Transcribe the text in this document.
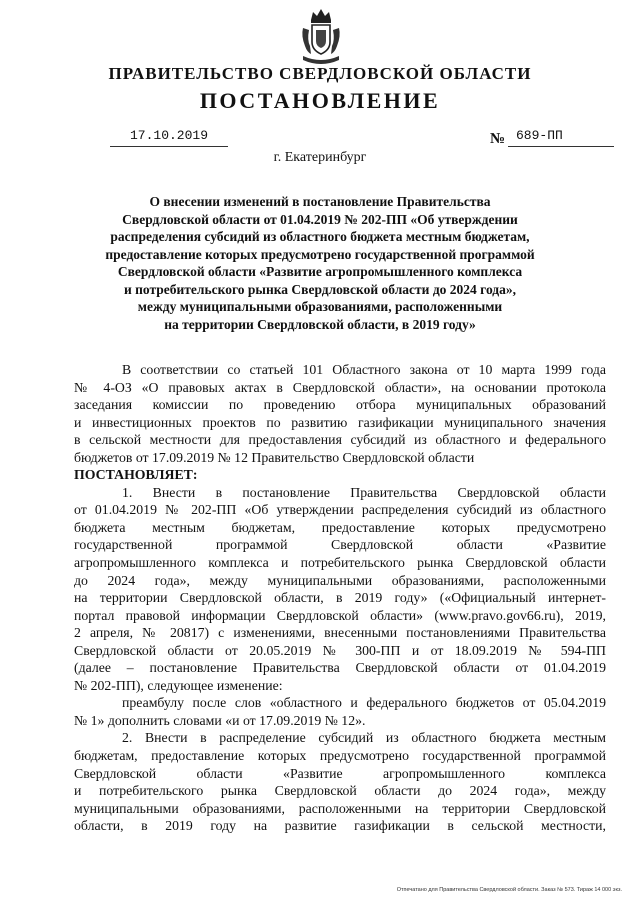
ПРАВИТЕЛЬСТВО СВЕРДЛОВСКОЙ ОБЛАСТИ
ПОСТАНОВЛЕНИЕ
17.10.2019	№ 689-ПП
г. Екатеринбург
О внесении изменений в постановление Правительства
Свердловской области от 01.04.2019 № 202-ПП «Об утверждении
распределения субсидий из областного бюджета местным бюджетам,
предоставление которых предусмотрено государственной программой
Свердловской области «Развитие агропромышленного комплекса
и потребительского рынка Свердловской области до 2024 года»,
между муниципальными образованиями, расположенными
на территории Свердловской области, в 2019 году»
В соответствии со статьей 101 Областного закона от 10 марта 1999 года
№ 4-ОЗ «О правовых актах в Свердловской области», на основании протокола
заседания комиссии по проведению отбора муниципальных образований
и инвестиционных проектов по развитию газификации муниципального значения
в сельской местности для предоставления субсидий из областного и федерального
бюджетов от 17.09.2019 № 12 Правительство Свердловской области
ПОСТАНОВЛЯЕТ:
1. Внести в постановление Правительства Свердловской области
от 01.04.2019 № 202-ПП «Об утверждении распределения субсидий из областного
бюджета местным бюджетам, предоставление которых предусмотрено
государственной программой Свердловской области «Развитие
агропромышленного комплекса и потребительского рынка Свердловской области
до 2024 года», между муниципальными образованиями, расположенными
на территории Свердловской области, в 2019 году» («Официальный интернет-
портал правовой информации Свердловской области» (www.pravo.gov66.ru), 2019,
2 апреля, № 20817) с изменениями, внесенными постановлениями Правительства
Свердловской области от 20.05.2019 № 300-ПП и от 18.09.2019 № 594-ПП
(далее – постановление Правительства Свердловской области от 01.04.2019
№ 202-ПП), следующее изменение:
преамбулу после слов «областного и федерального бюджетов от 05.04.2019
№ 1» дополнить словами «и от 17.09.2019 № 12».
2. Внести в распределение субсидий из областного бюджета местным
бюджетам, предоставление которых предусмотрено государственной программой
Свердловской области «Развитие агропромышленного комплекса
и потребительского рынка Свердловской области до 2024 года», между
муниципальными образованиями, расположенными на территории Свердловской
области, в 2019 году на развитие газификации в сельской местности,
Отпечатано для Правительства Свердловской области. Заказ № 573. Тираж 14 000 экз.
